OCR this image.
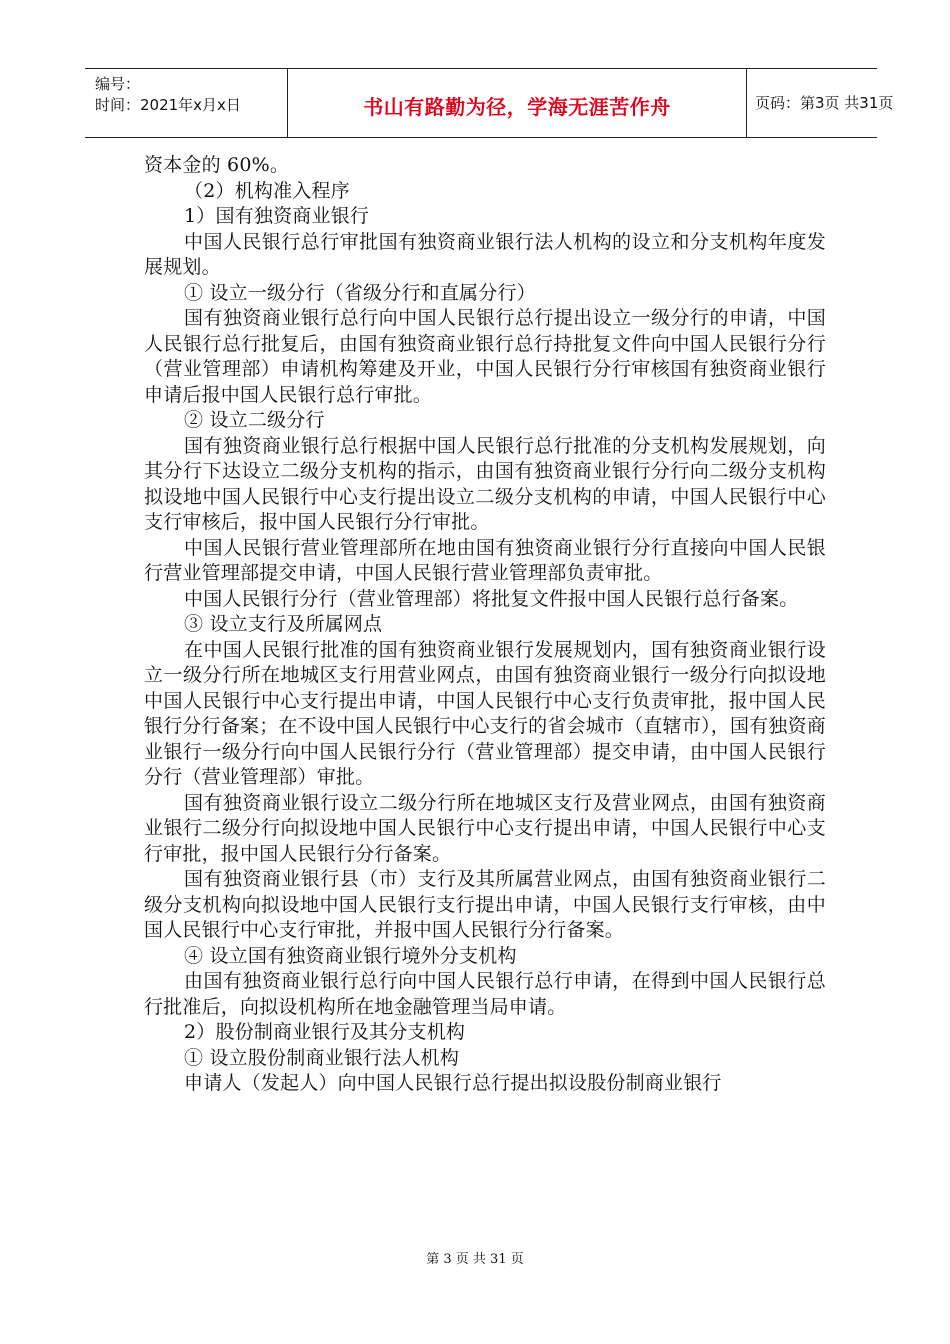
编号：
时间：2021年x月x日	书山有路勤为径，学海无涯苦作舟	页码：第3页 共31页

资本金的 60%。

（2）机构准入程序

1）国有独资商业银行

中国人民银行总行审批国有独资商业银行法人机构的设立和分支机构年度发展规划。

① 设立一级分行（省级分行和直属分行）

国有独资商业银行总行向中国人民银行总行提出设立一级分行的申请，中国人民银行总行批复后，由国有独资商业银行总行持批复文件向中国人民银行分行（营业管理部）申请机构筹建及开业，中国人民银行分行审核国有独资商业银行申请后报中国人民银行总行审批。

② 设立二级分行

国有独资商业银行总行根据中国人民银行总行批准的分支机构发展规划，向其分行下达设立二级分支机构的指示，由国有独资商业银行分行向二级分支机构拟设地中国人民银行中心支行提出设立二级分支机构的申请，中国人民银行中心支行审核后，报中国人民银行分行审批。

中国人民银行营业管理部所在地由国有独资商业银行分行直接向中国人民银行营业管理部提交申请，中国人民银行营业管理部负责审批。

中国人民银行分行（营业管理部）将批复文件报中国人民银行总行备案。

③ 设立支行及所属网点

在中国人民银行批准的国有独资商业银行发展规划内，国有独资商业银行设立一级分行所在地城区支行用营业网点，由国有独资商业银行一级分行向拟设地中国人民银行中心支行提出申请，中国人民银行中心支行负责审批，报中国人民银行分行备案；在不设中国人民银行中心支行的省会城市（直辖市），国有独资商业银行一级分行向中国人民银行分行（营业管理部）提交申请，由中国人民银行分行（营业管理部）审批。

国有独资商业银行设立二级分行所在地城区支行及营业网点，由国有独资商业银行二级分行向拟设地中国人民银行中心支行提出申请，中国人民银行中心支行审批，报中国人民银行分行备案。

国有独资商业银行县（市）支行及其所属营业网点，由国有独资商业银行二级分支机构向拟设地中国人民银行支行提出申请，中国人民银行支行审核，由中国人民银行中心支行审批，并报中国人民银行分行备案。

④ 设立国有独资商业银行境外分支机构

由国有独资商业银行总行向中国人民银行总行申请，在得到中国人民银行总行批准后，向拟设机构所在地金融管理当局申请。

2）股份制商业银行及其分支机构

① 设立股份制商业银行法人机构

申请人（发起人）向中国人民银行总行提出拟设股份制商业银行

第 3 页 共 31 页
